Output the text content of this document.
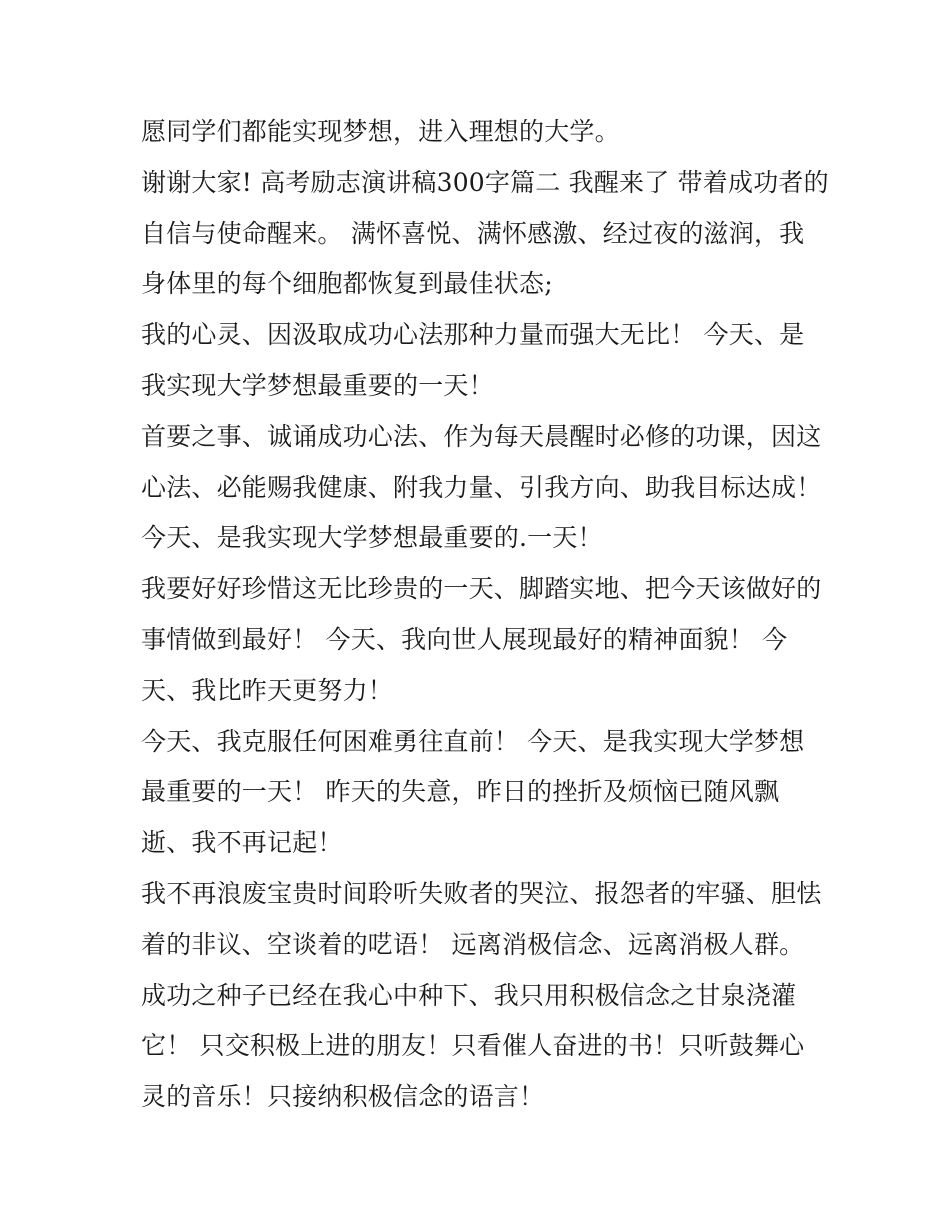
愿同学们都能实现梦想，进入理想的大学。
谢谢大家! 高考励志演讲稿300字篇二 我醒来了 带着成功者的
自信与使命醒来。 满怀喜悦、满怀感激、经过夜的滋润，我
身体里的每个细胞都恢复到最佳状态;
我的心灵、因汲取成功心法那种力量而强大无比！ 今天、是
我实现大学梦想最重要的一天！
首要之事、诚诵成功心法、作为每天晨醒时必修的功课，因这
心法、必能赐我健康、附我力量、引我方向、助我目标达成！
今天、是我实现大学梦想最重要的.一天！
我要好好珍惜这无比珍贵的一天、脚踏实地、把今天该做好的
事情做到最好！ 今天、我向世人展现最好的精神面貌！ 今
天、我比昨天更努力！
今天、我克服任何困难勇往直前！ 今天、是我实现大学梦想
最重要的一天！ 昨天的失意，昨日的挫折及烦恼已随风飘
逝、我不再记起！
我不再浪废宝贵时间聆听失败者的哭泣、报怨者的牢骚、胆怯
着的非议、空谈着的呓语！ 远离消极信念、远离消极人群。
成功之种子已经在我心中种下、我只用积极信念之甘泉浇灌
它！ 只交积极上进的朋友！只看催人奋进的书！只听鼓舞心
灵的音乐！只接纳积极信念的语言！
